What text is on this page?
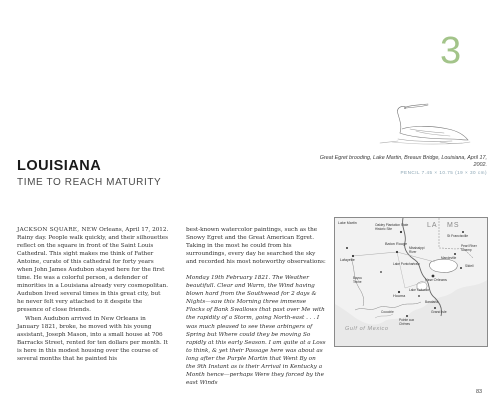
3
Great Egret brooding, Lake Martin, Breaux Bridge, Louisiana, April 17, 2002.
PENCIL 7.45 × 10.75 (19 × 30 cm)
LOUISIANA
TIME TO REACH MATURITY

JACKSON SQUARE, NEW Orleans, April 17, 2012. Rainy day. People walk quickly, and their silhouettes reflect on the square in front of the Saint Louis Cathedral. This sight makes me think of Father Antoine, curate of this cathedral for forty years when John James Audubon stayed here for the first time. He was a colorful person, a defender of minorities in a Louisiana already very cosmopolitan. Audubon lived several times in this great city, but he never felt very attached to it despite the presence of close friends.

When Audubon arrived in New Orleans in January 1821, broke, he moved with his young assistant, Joseph Mason, into a small house at 706 Barracks Street, rented for ten dollars per month. It is here in this modest housing over the course of several months that he painted his

best-known watercolor paintings, such as the Snowy Egret and the Great American Egret. Taking in the most he could from his surroundings, every day he searched the sky and recorded his most noteworthy observations:

Monday 19th February 1821. The Weather beautifull. Clear and Warm, the Wind having blown hard from the Southwead for 2 days & Nights—saw this Morning three immense Flocks of Bank Swallows that past over Me with the rapidity of a Storm, going North-east . . . I was much pleased to see these arbingers of Spring but Where could they be moving So rapidly at this early Season. I am quite at a Loss to think, & yet their Passage here was about as long after the Purple Martin that Went By on the 9th Instant as is their Arrival in Kentucky a Month hence—perhaps Were they forced by the east Winds

LA MS
Lake Martin
Lafayette
Oakley Plantation State Historic Site
St Francisville
Baton Rouge
Mississippi River
Pearl River Swamp
Lake Pontchartrain
Mandeville
Slidell
New Orleans
Houma
Bayou Teche
Lake Salvador
Barataria
Cocodrie
Pointe aux Chênes
Grand Isle
Gulf of Mexico
83
